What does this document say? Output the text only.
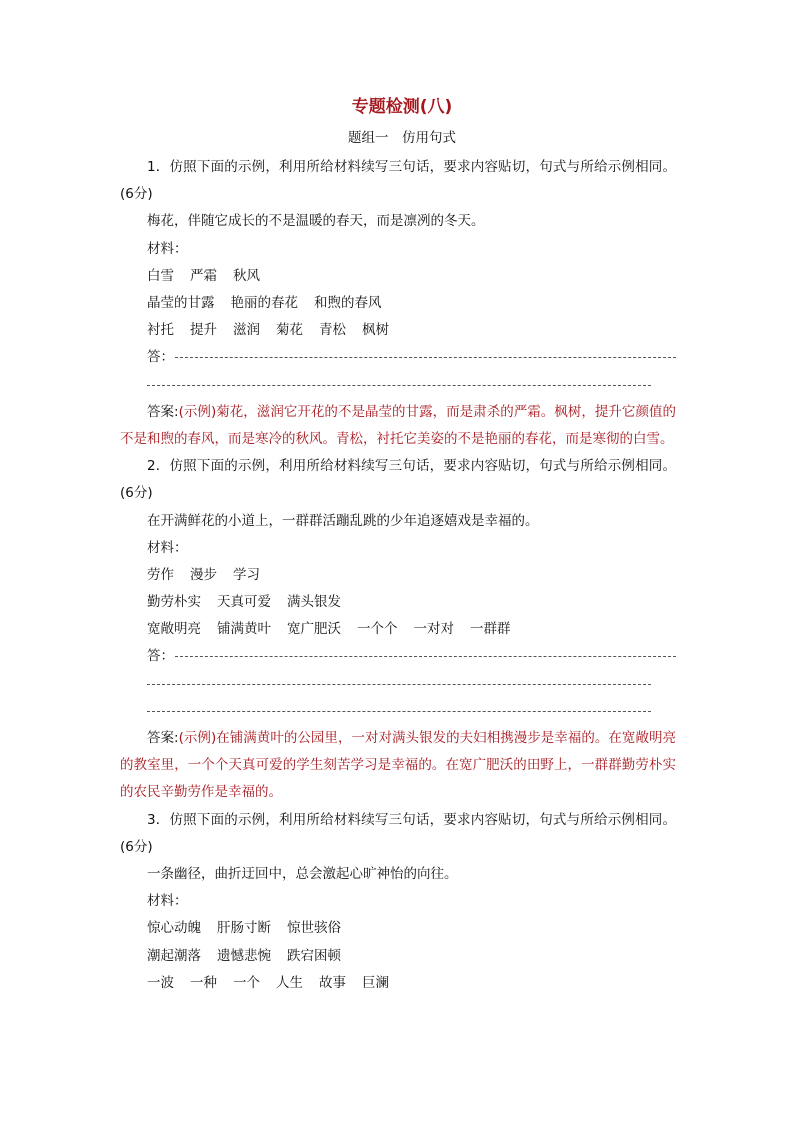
专题检测(八)
题组一　仿用句式
1．仿照下面的示例，利用所给材料续写三句话，要求内容贴切，句式与所给示例相同。(6分)
梅花，伴随它成长的不是温暖的春天，而是凛冽的冬天。
材料：
白雪 严霜 秋风
晶莹的甘露 艳丽的春花 和煦的春风
衬托 提升 滋润 菊花 青松 枫树
答：
答案:(示例)菊花，滋润它开花的不是晶莹的甘露，而是肃杀的严霜。枫树，提升它颜值的不是和煦的春风，而是寒冷的秋风。青松，衬托它美姿的不是艳丽的春花，而是寒彻的白雪。
2．仿照下面的示例，利用所给材料续写三句话，要求内容贴切，句式与所给示例相同。(6分)
在开满鲜花的小道上，一群群活蹦乱跳的少年追逐嬉戏是幸福的。
材料：
劳作 漫步 学习
勤劳朴实 天真可爱 满头银发
宽敞明亮 铺满黄叶 宽广肥沃 一个个 一对对 一群群
答：
答案:(示例)在铺满黄叶的公园里，一对对满头银发的夫妇相携漫步是幸福的。在宽敞明亮的教室里，一个个天真可爱的学生刻苦学习是幸福的。在宽广肥沃的田野上，一群群勤劳朴实的农民辛勤劳作是幸福的。
3．仿照下面的示例，利用所给材料续写三句话，要求内容贴切，句式与所给示例相同。(6分)
一条幽径，曲折迂回中，总会激起心旷神怡的向往。
材料：
惊心动魄 肝肠寸断 惊世骇俗
潮起潮落 遗憾悲惋 跌宕困顿
一波 一种 一个 人生 故事 巨澜
